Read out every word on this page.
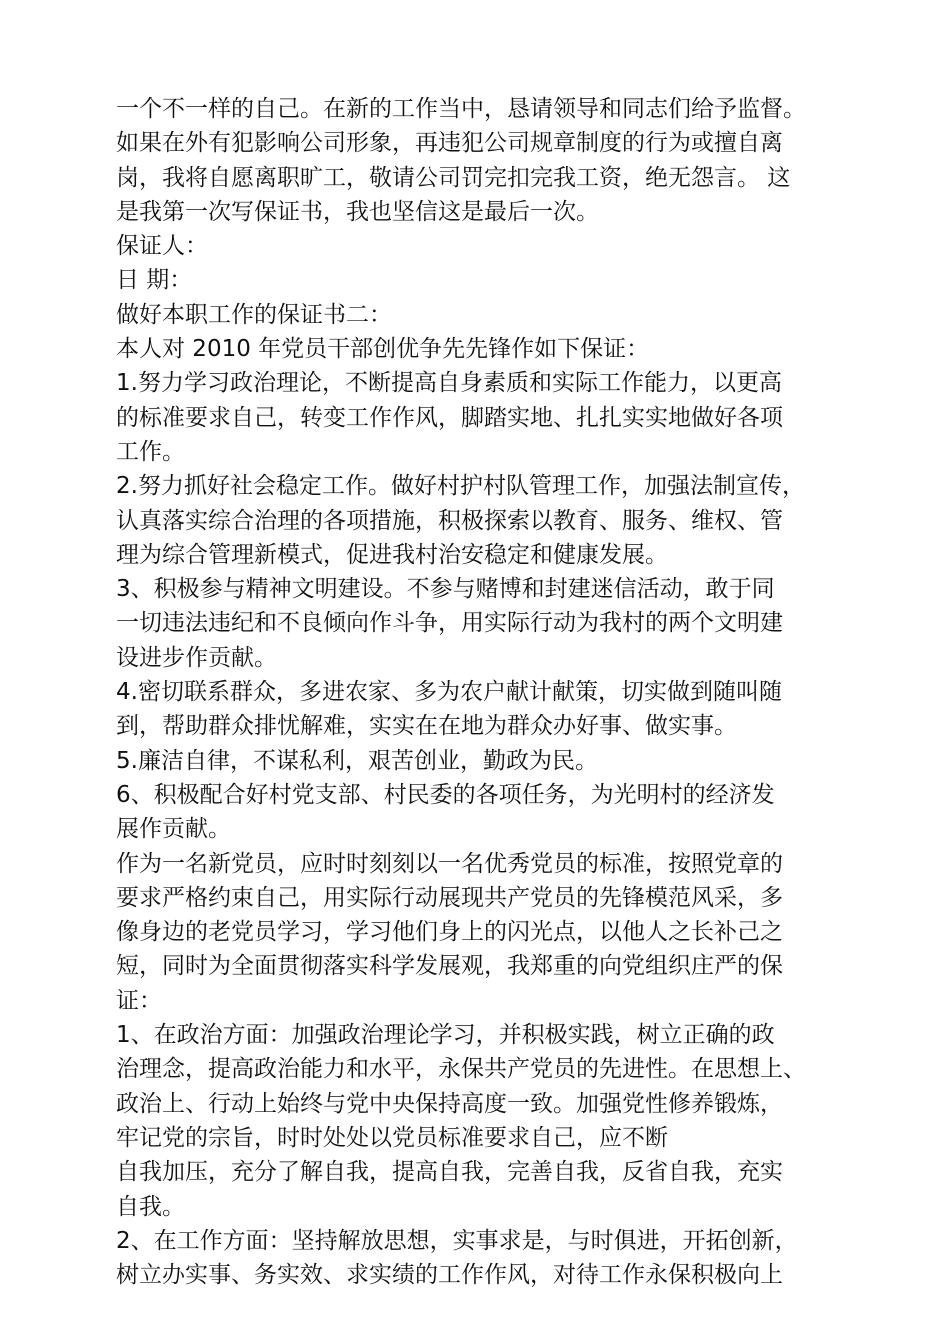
一个不一样的自己。在新的工作当中，恳请领导和同志们给予监督。
如果在外有犯影响公司形象，再违犯公司规章制度的行为或擅自离
岗，我将自愿离职旷工，敬请公司罚完扣完我工资，绝无怨言。 这
是我第一次写保证书，我也坚信这是最后一次。
保证人：
日 期：
做好本职工作的保证书二：
本人对 2010 年党员干部创优争先先锋作如下保证：
1.努力学习政治理论，不断提高自身素质和实际工作能力，以更高
的标准要求自己，转变工作作风，脚踏实地、扎扎实实地做好各项
工作。
2.努力抓好社会稳定工作。做好村护村队管理工作，加强法制宣传，
认真落实综合治理的各项措施，积极探索以教育、服务、维权、管
理为综合管理新模式，促进我村治安稳定和健康发展。
3、积极参与精神文明建设。不参与赌博和封建迷信活动，敢于同
一切违法违纪和不良倾向作斗争，用实际行动为我村的两个文明建
设进步作贡献。
4.密切联系群众，多进农家、多为农户献计献策，切实做到随叫随
到，帮助群众排忧解难，实实在在地为群众办好事、做实事。
5.廉洁自律，不谋私利，艰苦创业，勤政为民。
6、积极配合好村党支部、村民委的各项任务，为光明村的经济发
展作贡献。
作为一名新党员，应时时刻刻以一名优秀党员的标准，按照党章的
要求严格约束自己，用实际行动展现共产党员的先锋模范风采，多
像身边的老党员学习，学习他们身上的闪光点，以他人之长补己之
短，同时为全面贯彻落实科学发展观，我郑重的向党组织庄严的保
证：
1、在政治方面：加强政治理论学习，并积极实践，树立正确的政
治理念，提高政治能力和水平，永保共产党员的先进性。在思想上、
政治上、行动上始终与党中央保持高度一致。加强党性修养锻炼，
牢记党的宗旨，时时处处以党员标准要求自己，应不断
自我加压，充分了解自我，提高自我，完善自我，反省自我，充实
自我。
2、在工作方面：坚持解放思想，实事求是，与时俱进，开拓创新，
树立办实事、务实效、求实绩的工作作风，对待工作永保积极向上
